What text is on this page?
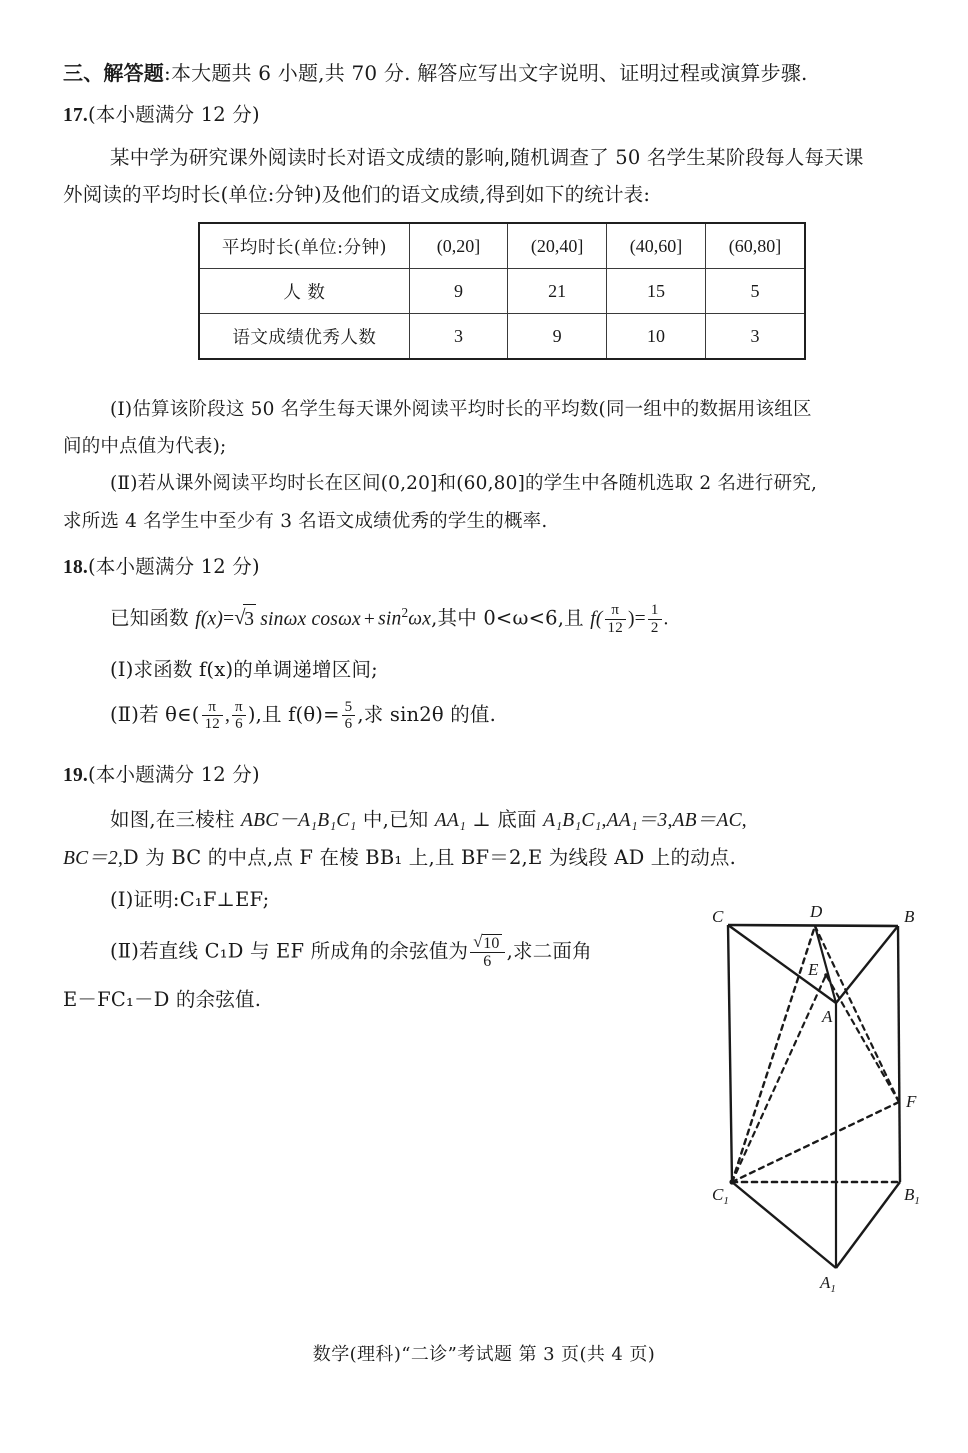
三、解答题:本大题共 6 小题,共 70 分. 解答应写出文字说明、证明过程或演算步骤.
17.(本小题满分 12 分)
某中学为研究课外阅读时长对语文成绩的影响,随机调查了 50 名学生某阶段每人每天课
外阅读的平均时长(单位:分钟)及他们的语文成绩,得到如下的统计表:
平均时长(单位:分钟)	(0,20]	(20,40]	(40,60]	(60,80]
人 数	9	21	15	5
语文成绩优秀人数	3	9	10	3
(Ⅰ)估算该阶段这 50 名学生每天课外阅读平均时长的平均数(同一组中的数据用该组区
间的中点值为代表);
(Ⅱ)若从课外阅读平均时长在区间(0,20]和(60,80]的学生中各随机选取 2 名进行研究,
求所选 4 名学生中至少有 3 名语文成绩优秀的学生的概率.
18.(本小题满分 12 分)
已知函数 f(x)= √ 3 sinωx $\cos\omega x + \sin^2\omega x$,其中 0<ω<6,且 $f( \frac{\pi}{12}$ )= $\frac{1}{2}$ .
(Ⅰ)求函数 f(x)的单调递增区间;
(Ⅱ)若 θ∈( $\frac{\pi}{12}$ , $\frac{\pi}{6}$ ),且 $f(\theta)= \frac{5}{6}$ ,求 sin2θ 的值.
19.(本小题满分 12 分)
如图,在三棱柱 ABC－A₁B₁C₁ 中,已知 AA₁ ⊥ 底面 A₁B₁C₁,AA₁＝3,AB＝AC,
BC＝2,D 为 BC 的中点,点 F 在棱 BB₁ 上,且 BF＝2,E 为线段 AD 上的动点.
(Ⅰ)证明:C₁F⊥EF;
(Ⅱ)若直线 C₁D 与 EF 所成角的余弦值为 √ $\frac{10}{6}$ ,求二面角
E－FC₁－D 的余弦值.
C	D	B
E
A
F
$C_1$	$B_1$
$A_1$
数学(理科)“二诊”考试题 第 3 页(共 4 页)
